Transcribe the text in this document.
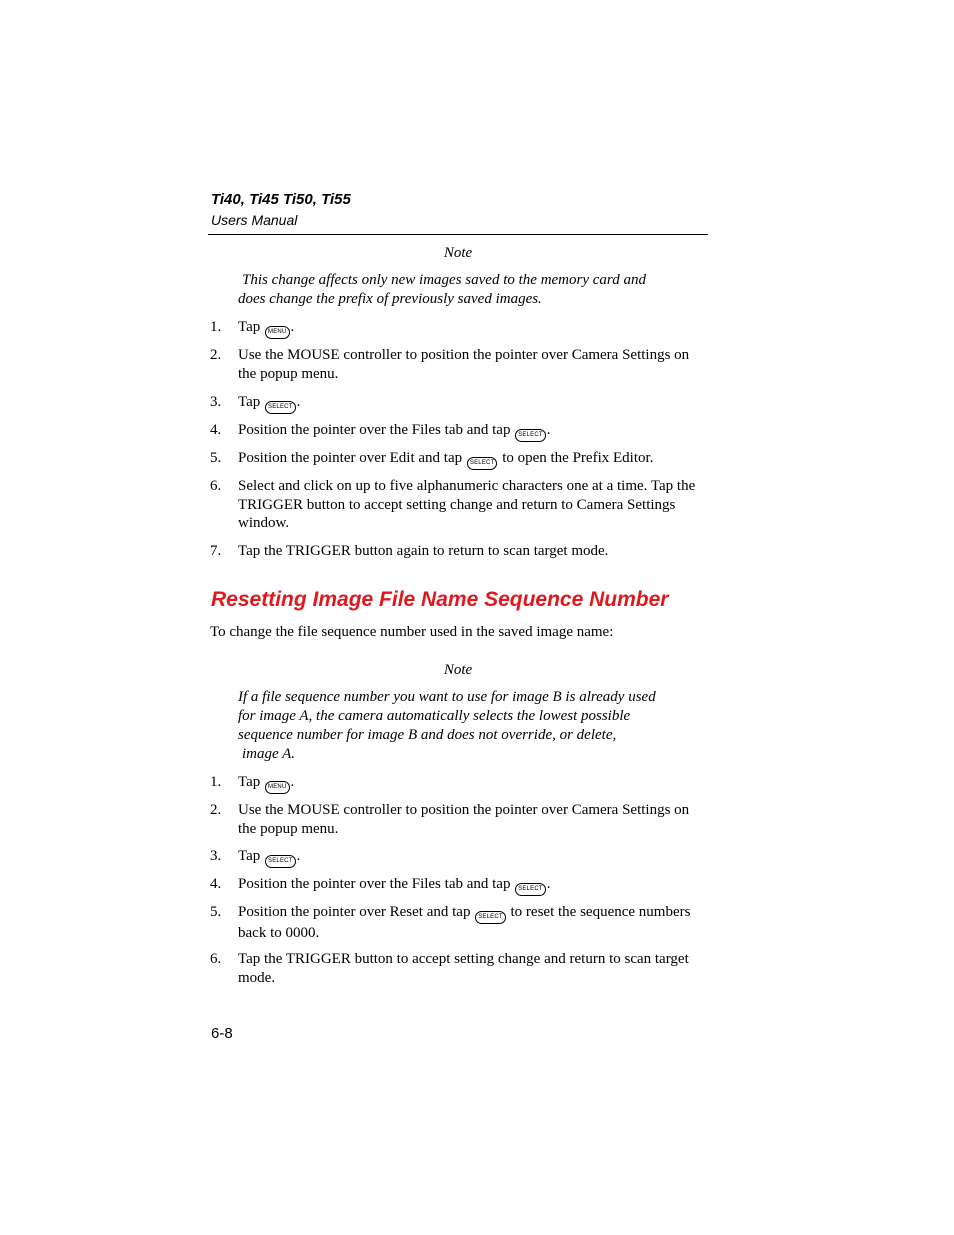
Ti40, Ti45 Ti50, Ti55
Users Manual
Note
This change affects only new images saved to the memory card and
does change the prefix of previously saved images.
1. Tap MENU .
2. Use the MOUSE controller to position the pointer over Camera Settings on the popup menu.
3. Tap SELECT .
4. Position the pointer over the Files tab and tap SELECT .
5. Position the pointer over Edit and tap SELECT to open the Prefix Editor.
6. Select and click on up to five alphanumeric characters one at a time. Tap the TRIGGER button to accept setting change and return to Camera Settings window.
7. Tap the TRIGGER button again to return to scan target mode.
Resetting Image File Name Sequence Number
To change the file sequence number used in the saved image name:
Note
If a file sequence number you want to use for image B is already used
for image A, the camera automatically selects the lowest possible
sequence number for image B and does not override, or delete,
image A.
1. Tap MENU .
2. Use the MOUSE controller to position the pointer over Camera Settings on the popup menu.
3. Tap SELECT .
4. Position the pointer over the Files tab and tap SELECT .
5. Position the pointer over Reset and tap SELECT to reset the sequence numbers back to 0000.
6. Tap the TRIGGER button to accept setting change and return to scan target mode.
6-8
